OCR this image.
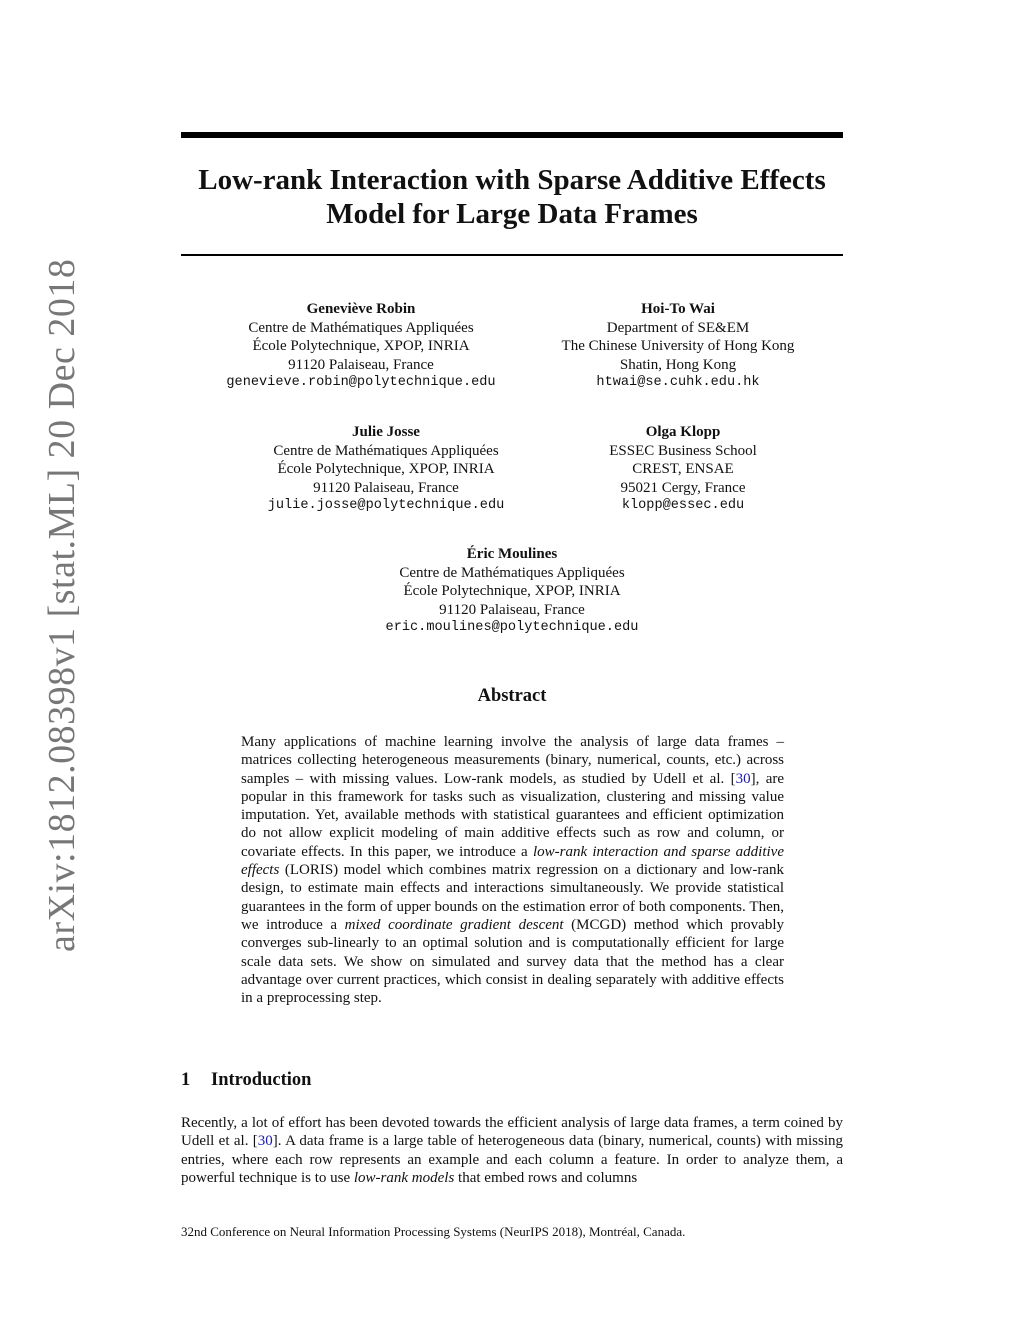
arXiv:1812.08398v1 [stat.ML] 20 Dec 2018
Low-rank Interaction with Sparse Additive Effects
Model for Large Data Frames
Geneviève Robin
Centre de Mathématiques Appliquées
École Polytechnique, XPOP, INRIA
91120 Palaiseau, France
genevieve.robin@polytechnique.edu
Hoi-To Wai
Department of SE&EM
The Chinese University of Hong Kong
Shatin, Hong Kong
htwai@se.cuhk.edu.hk
Julie Josse
Centre de Mathématiques Appliquées
École Polytechnique, XPOP, INRIA
91120 Palaiseau, France
julie.josse@polytechnique.edu
Olga Klopp
ESSEC Business School
CREST, ENSAE
95021 Cergy, France
klopp@essec.edu
Éric Moulines
Centre de Mathématiques Appliquées
École Polytechnique, XPOP, INRIA
91120 Palaiseau, France
eric.moulines@polytechnique.edu
Abstract
Many applications of machine learning involve the analysis of large data frames – matrices collecting heterogeneous measurements (binary, numerical, counts, etc.) across samples – with missing values. Low-rank models, as studied by Udell et al. [30], are popular in this framework for tasks such as visualization, clustering and missing value imputation. Yet, available methods with statistical guarantees and efficient optimization do not allow explicit modeling of main additive effects such as row and column, or covariate effects. In this paper, we introduce a low-rank interaction and sparse additive effects (LORIS) model which combines matrix regression on a dictionary and low-rank design, to estimate main effects and interactions simultaneously. We provide statistical guarantees in the form of upper bounds on the estimation error of both components. Then, we introduce a mixed coordinate gradient descent (MCGD) method which provably converges sub-linearly to an optimal solution and is computationally efficient for large scale data sets. We show on simulated and survey data that the method has a clear advantage over current practices, which consist in dealing separately with additive effects in a preprocessing step.
1 Introduction
Recently, a lot of effort has been devoted towards the efficient analysis of large data frames, a term coined by Udell et al. [30]. A data frame is a large table of heterogeneous data (binary, numerical, counts) with missing entries, where each row represents an example and each column a feature. In order to analyze them, a powerful technique is to use low-rank models that embed rows and columns
32nd Conference on Neural Information Processing Systems (NeurIPS 2018), Montréal, Canada.
